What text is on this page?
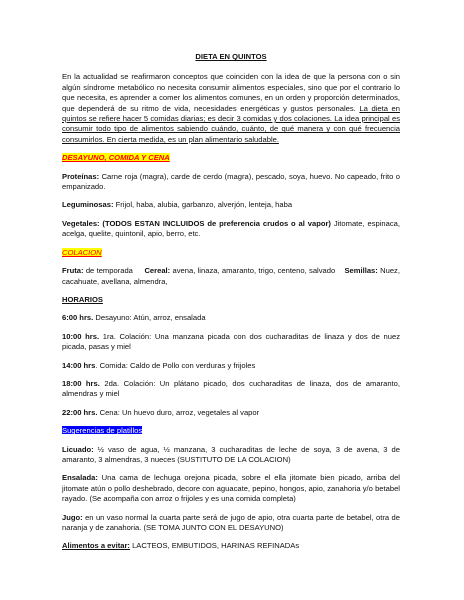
DIETA EN QUINTOS

En la actualidad se reafirmaron conceptos que coinciden con la idea de que la persona con o sin algún síndrome metabólico no necesita consumir alimentos especiales, sino que por el contrario lo que necesita, es aprender a comer los alimentos comunes, en un orden y proporción determinados, que dependerá de su ritmo de vida, necesidades energéticas y gustos personales. La dieta en quintos se refiere hacer 5 comidas diarias; es decir 3 comidas y dos colaciones. La idea principal es consumir todo tipo de alimentos sabiendo cuándo, cuánto, de qué manera y con qué frecuencia consumirlos. En cierta medida, es un plan alimentario saludable.

DESAYUNO, COMIDA Y CENA

Proteínas: Carne roja (magra), carde de cerdo (magra), pescado, soya, huevo. No capeado, frito o empanizado.

Leguminosas: Frijol, haba, alubia, garbanzo, alverjón, lenteja, haba

Vegetales: (TODOS ESTAN INCLUIDOS de preferencia crudos o al vapor) Jitomate, espinaca, acelga, quelite, quintonil, apio, berro, etc.

COLACION

Fruta: de temporada Cereal: avena, linaza, amaranto, trigo, centeno, salvado Semillas: Nuez, cacahuate, avellana, almendra,

HORARIOS

6:00 hrs. Desayuno: Atún, arroz, ensalada

10:00 hrs. 1ra. Colación: Una manzana picada con dos cucharaditas de linaza y dos de nuez picada, pasas y miel

14:00 hrs. Comida: Caldo de Pollo con verduras y frijoles

18:00 hrs. 2da. Colación: Un plátano picado, dos cucharaditas de linaza, dos de amaranto, almendras y miel

22:00 hrs. Cena: Un huevo duro, arroz, vegetales al vapor

Sugerencias de platillos

Licuado: ½ vaso de agua, ½ manzana, 3 cucharaditas de leche de soya, 3 de avena, 3 de amaranto, 3 almendras, 3 nueces (SUSTITUTO DE LA COLACION)

Ensalada: Una cama de lechuga orejona picada, sobre el ella jitomate bien picado, arriba del jitomate atún o pollo deshebrado, decore con aguacate, pepino, hongos, apio, zanahoria y/o betabel rayado. (Se acompaña con arroz o frijoles y es una comida completa)

Jugo: en un vaso normal la cuarta parte será de jugo de apio, otra cuarta parte de betabel, otra de naranja y de zanahoria. (SE TOMA JUNTO CON EL DESAYUNO)

Alimentos a evitar: LACTEOS, EMBUTIDOS, HARINAS REFINADAs
